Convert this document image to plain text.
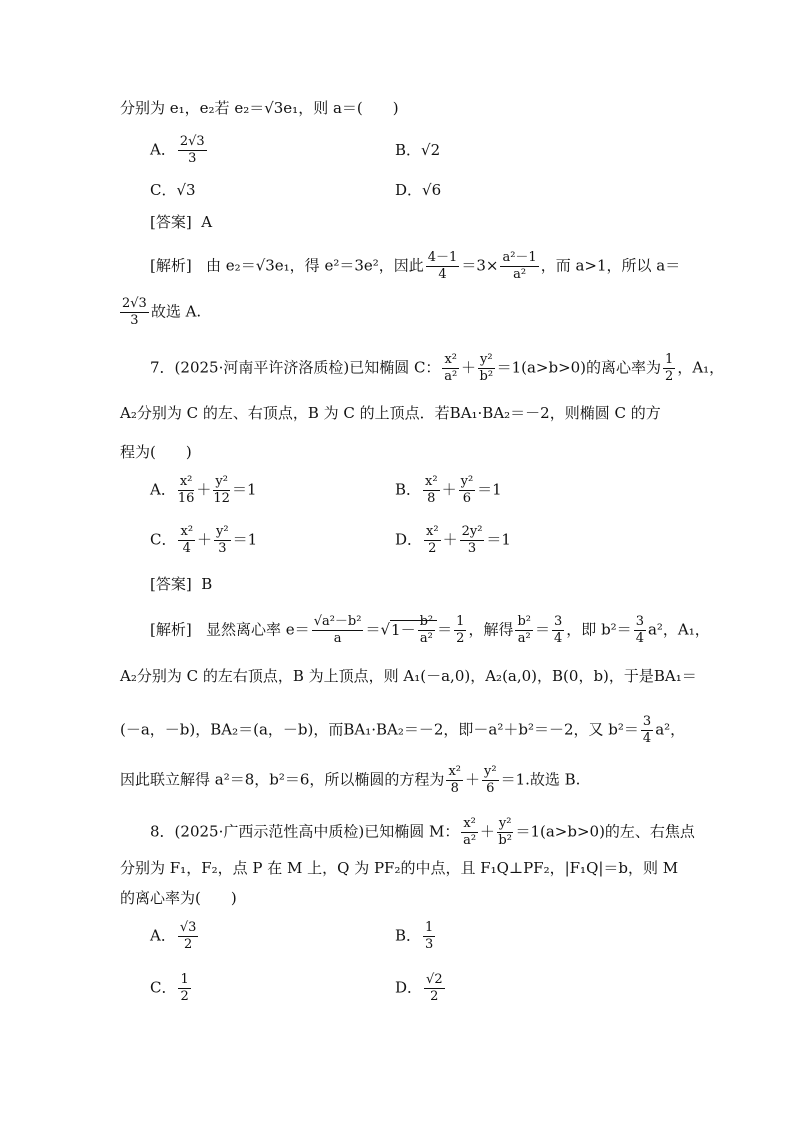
分别为 e₁，e₂若 e₂＝√3e₁，则 a＝(　　)
A． $\frac{2√3}{3}$	B．√2
C．√3	D．√6
[答案] A
[解析] 由 e₂＝√3e₁，得 e²＝3e²，因此 $\frac{4-1}{4} =3\times \frac{\text{a²－1}}{\text{a²}}$ ，而 a>1，所以 a＝
$\frac{2√3}{3}$ 故选 A.
7．(2025·河南平许济洛质检)已知椭圆 C： $\frac{\text{x²}}{\text{a²}} + \frac{\text{y²}}{\text{b²}} =1(a>b>0)$的离心率为 $\frac{1}{2}$ ，A₁，
A₂分别为 C 的左、右顶点，B 为 C 的上顶点．若BA₁·BA₂＝－2，则椭圆 C 的方
程为(　　)
A． $\frac{\text{x²}}{16} + \frac{\text{y²}}{12} =1$	B． $\frac{\text{x²}}{8} + \frac{\text{y²}}{6} =1$
C． $\frac{\text{x²}}{4} + \frac{\text{y²}}{3} =1$	D． $\frac{\text{x²}}{2} + \frac{\text{2y²}}{3} =1$
[答案] B
[解析] 显然离心率 $e= \frac{\text{√a²－b²}}{a} =√1- \frac{\text{b²}}{\text{a²}} = \frac{1}{2}$ ，解得 $\frac{\text{b²}}{\text{a²}} = \frac{3}{4}$ ，即 $b^2= \frac{3}{4} a^2$，A₁，
A₂分别为 C 的左右顶点，B 为上顶点，则 A₁(－a,0)，A₂(a,0)，B(0，b)，于是BA₁＝
(－a，－b)，BA₂＝(a，－b)，而BA₁·BA₂＝－2，即－a²＋b²＝－2，又 $b^2= \frac{3}{4} a^2$，
因此联立解得 a²＝8，b²＝6，所以椭圆的方程为 $\frac{\text{x²}}{8} + \frac{\text{y²}}{6} =1$.故选 B.
8．(2025·广西示范性高中质检)已知椭圆 M： $\frac{\text{x²}}{\text{a²}} + \frac{\text{y²}}{\text{b²}} =1(a>b>0)$的左、右焦点
分别为 F₁，F₂，点 P 在 M 上，Q 为 PF₂的中点，且 F₁Q⊥PF₂，|F₁Q|＝b，则 M
的离心率为(　　)
A． $\frac{√3}{2}$	B． $\frac{1}{3}$
C． $\frac{1}{2}$	D． $\frac{√2}{2}$
